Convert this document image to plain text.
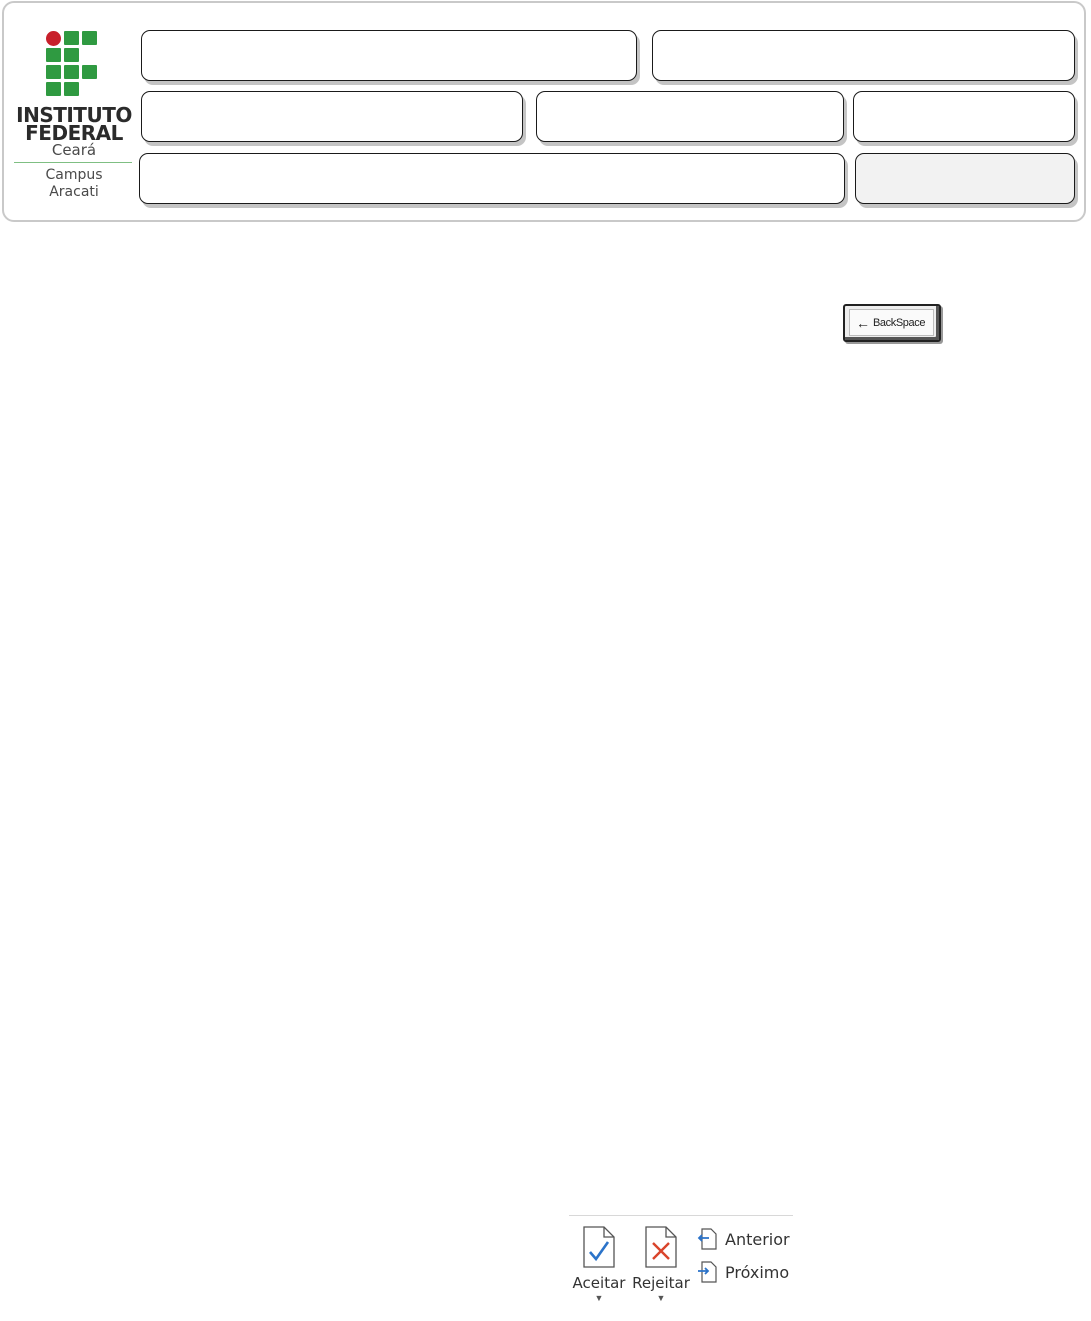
INSTITUTO
FEDERAL
Ceará
Campus
Aracati
← BackSpace
Aceitar
▼
Rejeitar
▼
Anterior
Próximo
